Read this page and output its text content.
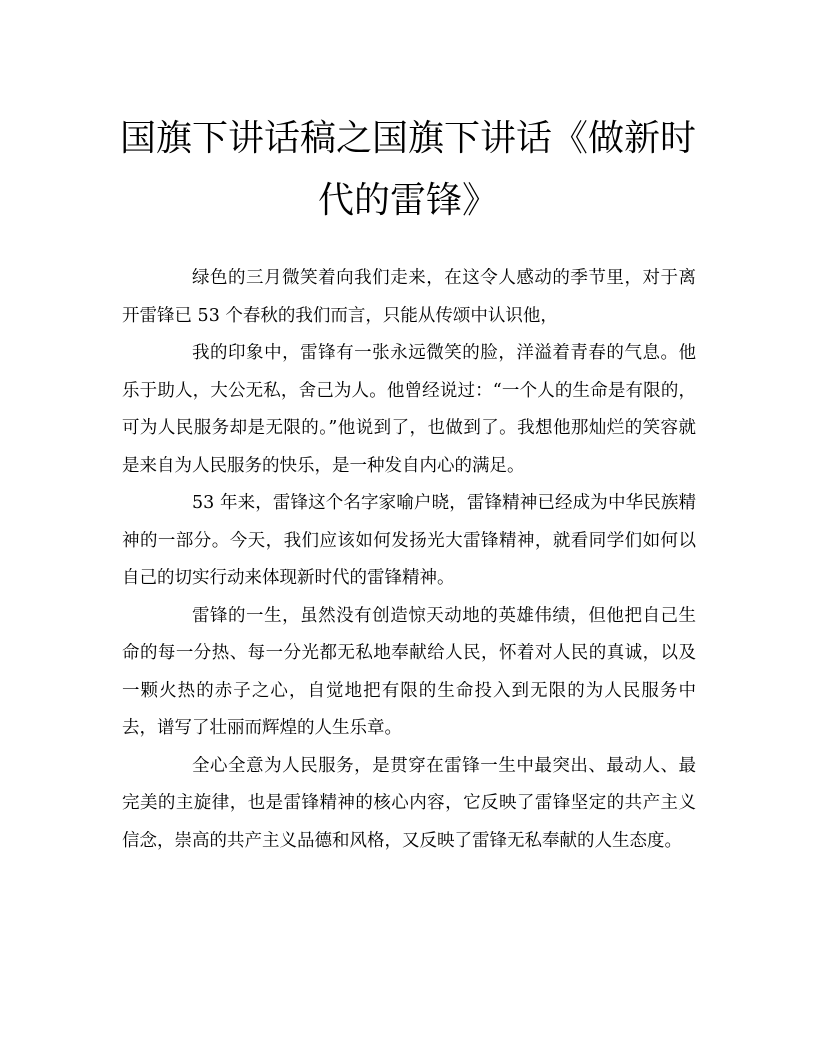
国旗下讲话稿之国旗下讲话《做新时代的雷锋》

绿色的三月微笑着向我们走来，在这令人感动的季节里，对于离开雷锋已 53 个春秋的我们而言，只能从传颂中认识他，

我的印象中，雷锋有一张永远微笑的脸，洋溢着青春的气息。他乐于助人，大公无私，舍己为人。他曾经说过：“一个人的生命是有限的，可为人民服务却是无限的。”他说到了，也做到了。我想他那灿烂的笑容就是来自为人民服务的快乐，是一种发自内心的满足。

53 年来，雷锋这个名字家喻户晓，雷锋精神已经成为中华民族精神的一部分。今天，我们应该如何发扬光大雷锋精神，就看同学们如何以自己的切实行动来体现新时代的雷锋精神。

雷锋的一生，虽然没有创造惊天动地的英雄伟绩，但他把自己生命的每一分热、每一分光都无私地奉献给人民，怀着对人民的真诚，以及一颗火热的赤子之心，自觉地把有限的生命投入到无限的为人民服务中去，谱写了壮丽而辉煌的人生乐章。

全心全意为人民服务，是贯穿在雷锋一生中最突出、最动人、最完美的主旋律，也是雷锋精神的核心内容，它反映了雷锋坚定的共产主义信念，崇高的共产主义品德和风格，又反映了雷锋无私奉献的人生态度。
